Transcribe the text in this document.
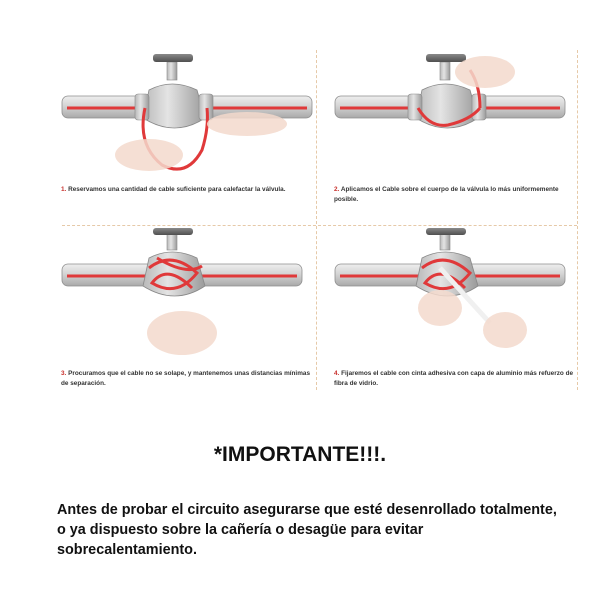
1. Reservamos una cantidad de cable suficiente para calefactar la válvula.	2. Aplicamos el Cable sobre el cuerpo de la válvula lo más uniformemente posible.
3. Procuramos que el cable no se solape, y mantenemos unas distancias mínimas de separación.
4. Fijaremos el cable con cinta adhesiva con capa de aluminio más refuerzo de fibra de vidrio.
*IMPORTANTE!!!.
Antes de probar el circuito asegurarse que esté desenrollado totalmente, o ya dispuesto sobre la cañería o desagüe para evitar sobrecalentamiento.
